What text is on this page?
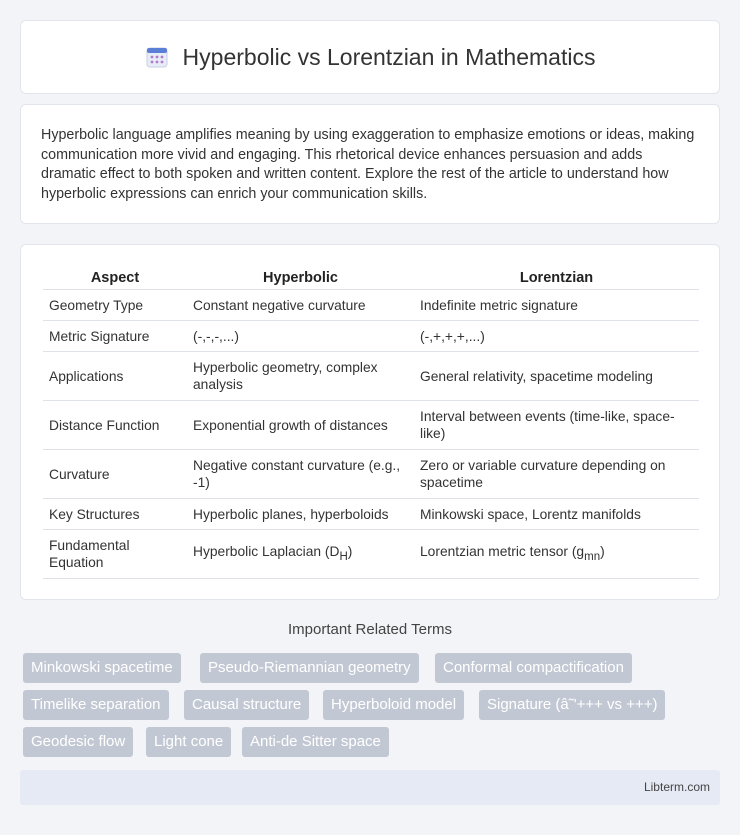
Hyperbolic vs Lorentzian in Mathematics

Hyperbolic language amplifies meaning by using exaggeration to emphasize emotions or ideas, making communication more vivid and engaging. This rhetorical device enhances persuasion and adds dramatic effect to both spoken and written content. Explore the rest of the article to understand how hyperbolic expressions can enrich your communication skills.

Aspect	Hyperbolic	Lorentzian
Geometry Type	Constant negative curvature	Indefinite metric signature
Metric Signature	(-,-,-,...)	(-,+,+,+,...)
Applications	Hyperbolic geometry, complex analysis	General relativity, spacetime modeling
Distance Function	Exponential growth of distances	Interval between events (time-like, space-like)
Curvature	Negative constant curvature (e.g., -1)	Zero or variable curvature depending on spacetime
Key Structures	Hyperbolic planes, hyperboloids	Minkowski space, Lorentz manifolds
Fundamental Equation	Hyperbolic Laplacian $(D_H)$	Lorentzian metric tensor $(g_{mn})$
Important Related Terms
Minkowski spacetime	Pseudo-Riemannian geometry	Conformal compactification
Timelike separation	Causal structure	Hyperboloid model	Signature (â˜'+++ vs +++)
Geodesic flow	Light cone	Anti-de Sitter space
Libterm.com
